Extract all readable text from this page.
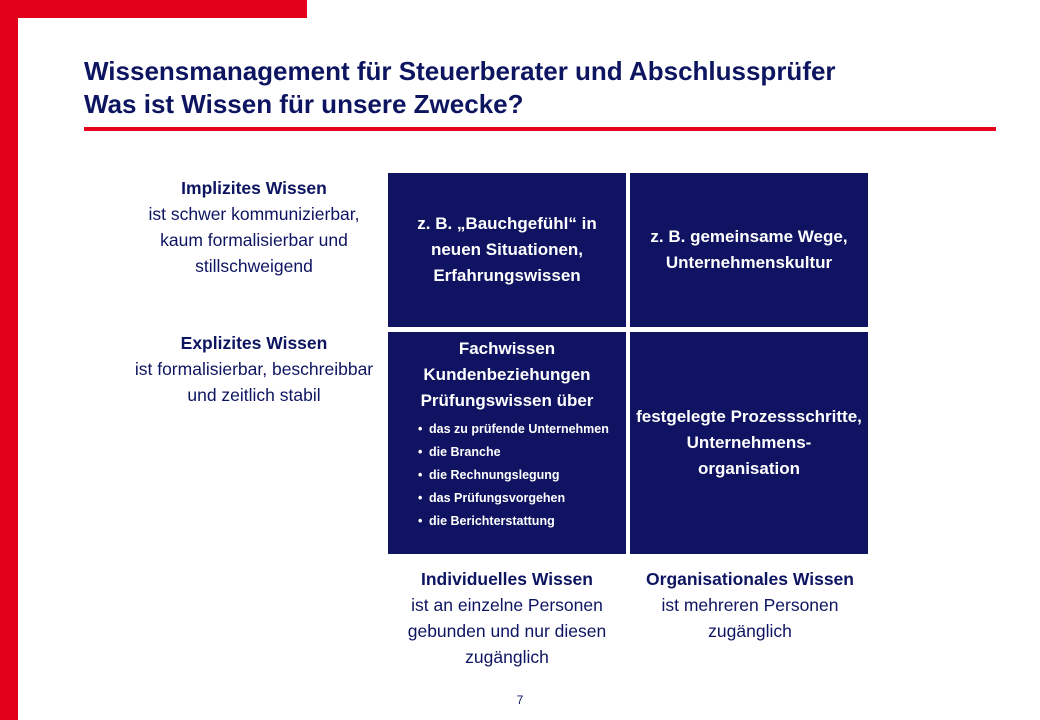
Wissensmanagement für Steuerberater und Abschlussprüfer
Was ist Wissen für unsere Zwecke?
Implizites Wissen
ist schwer kommunizierbar, kaum formalisierbar und stillschweigend
Explizites Wissen
ist formalisierbar, beschreibbar und zeitlich stabil
z. B. „Bauchgefühl“ in neuen Situationen, Erfahrungswissen
z. B. gemeinsame Wege, Unternehmenskultur
Fachwissen Kundenbeziehungen Prüfungswissen über
• das zu prüfende Unternehmen
• die Branche
• die Rechnungslegung
• das Prüfungsvorgehen
• die Berichterstattung
festgelegte Prozessschritte, Unternehmens-organisation
Individuelles Wissen
ist an einzelne Personen gebunden und nur diesen zugänglich
Organisationales Wissen
ist mehreren Personen zugänglich
7
